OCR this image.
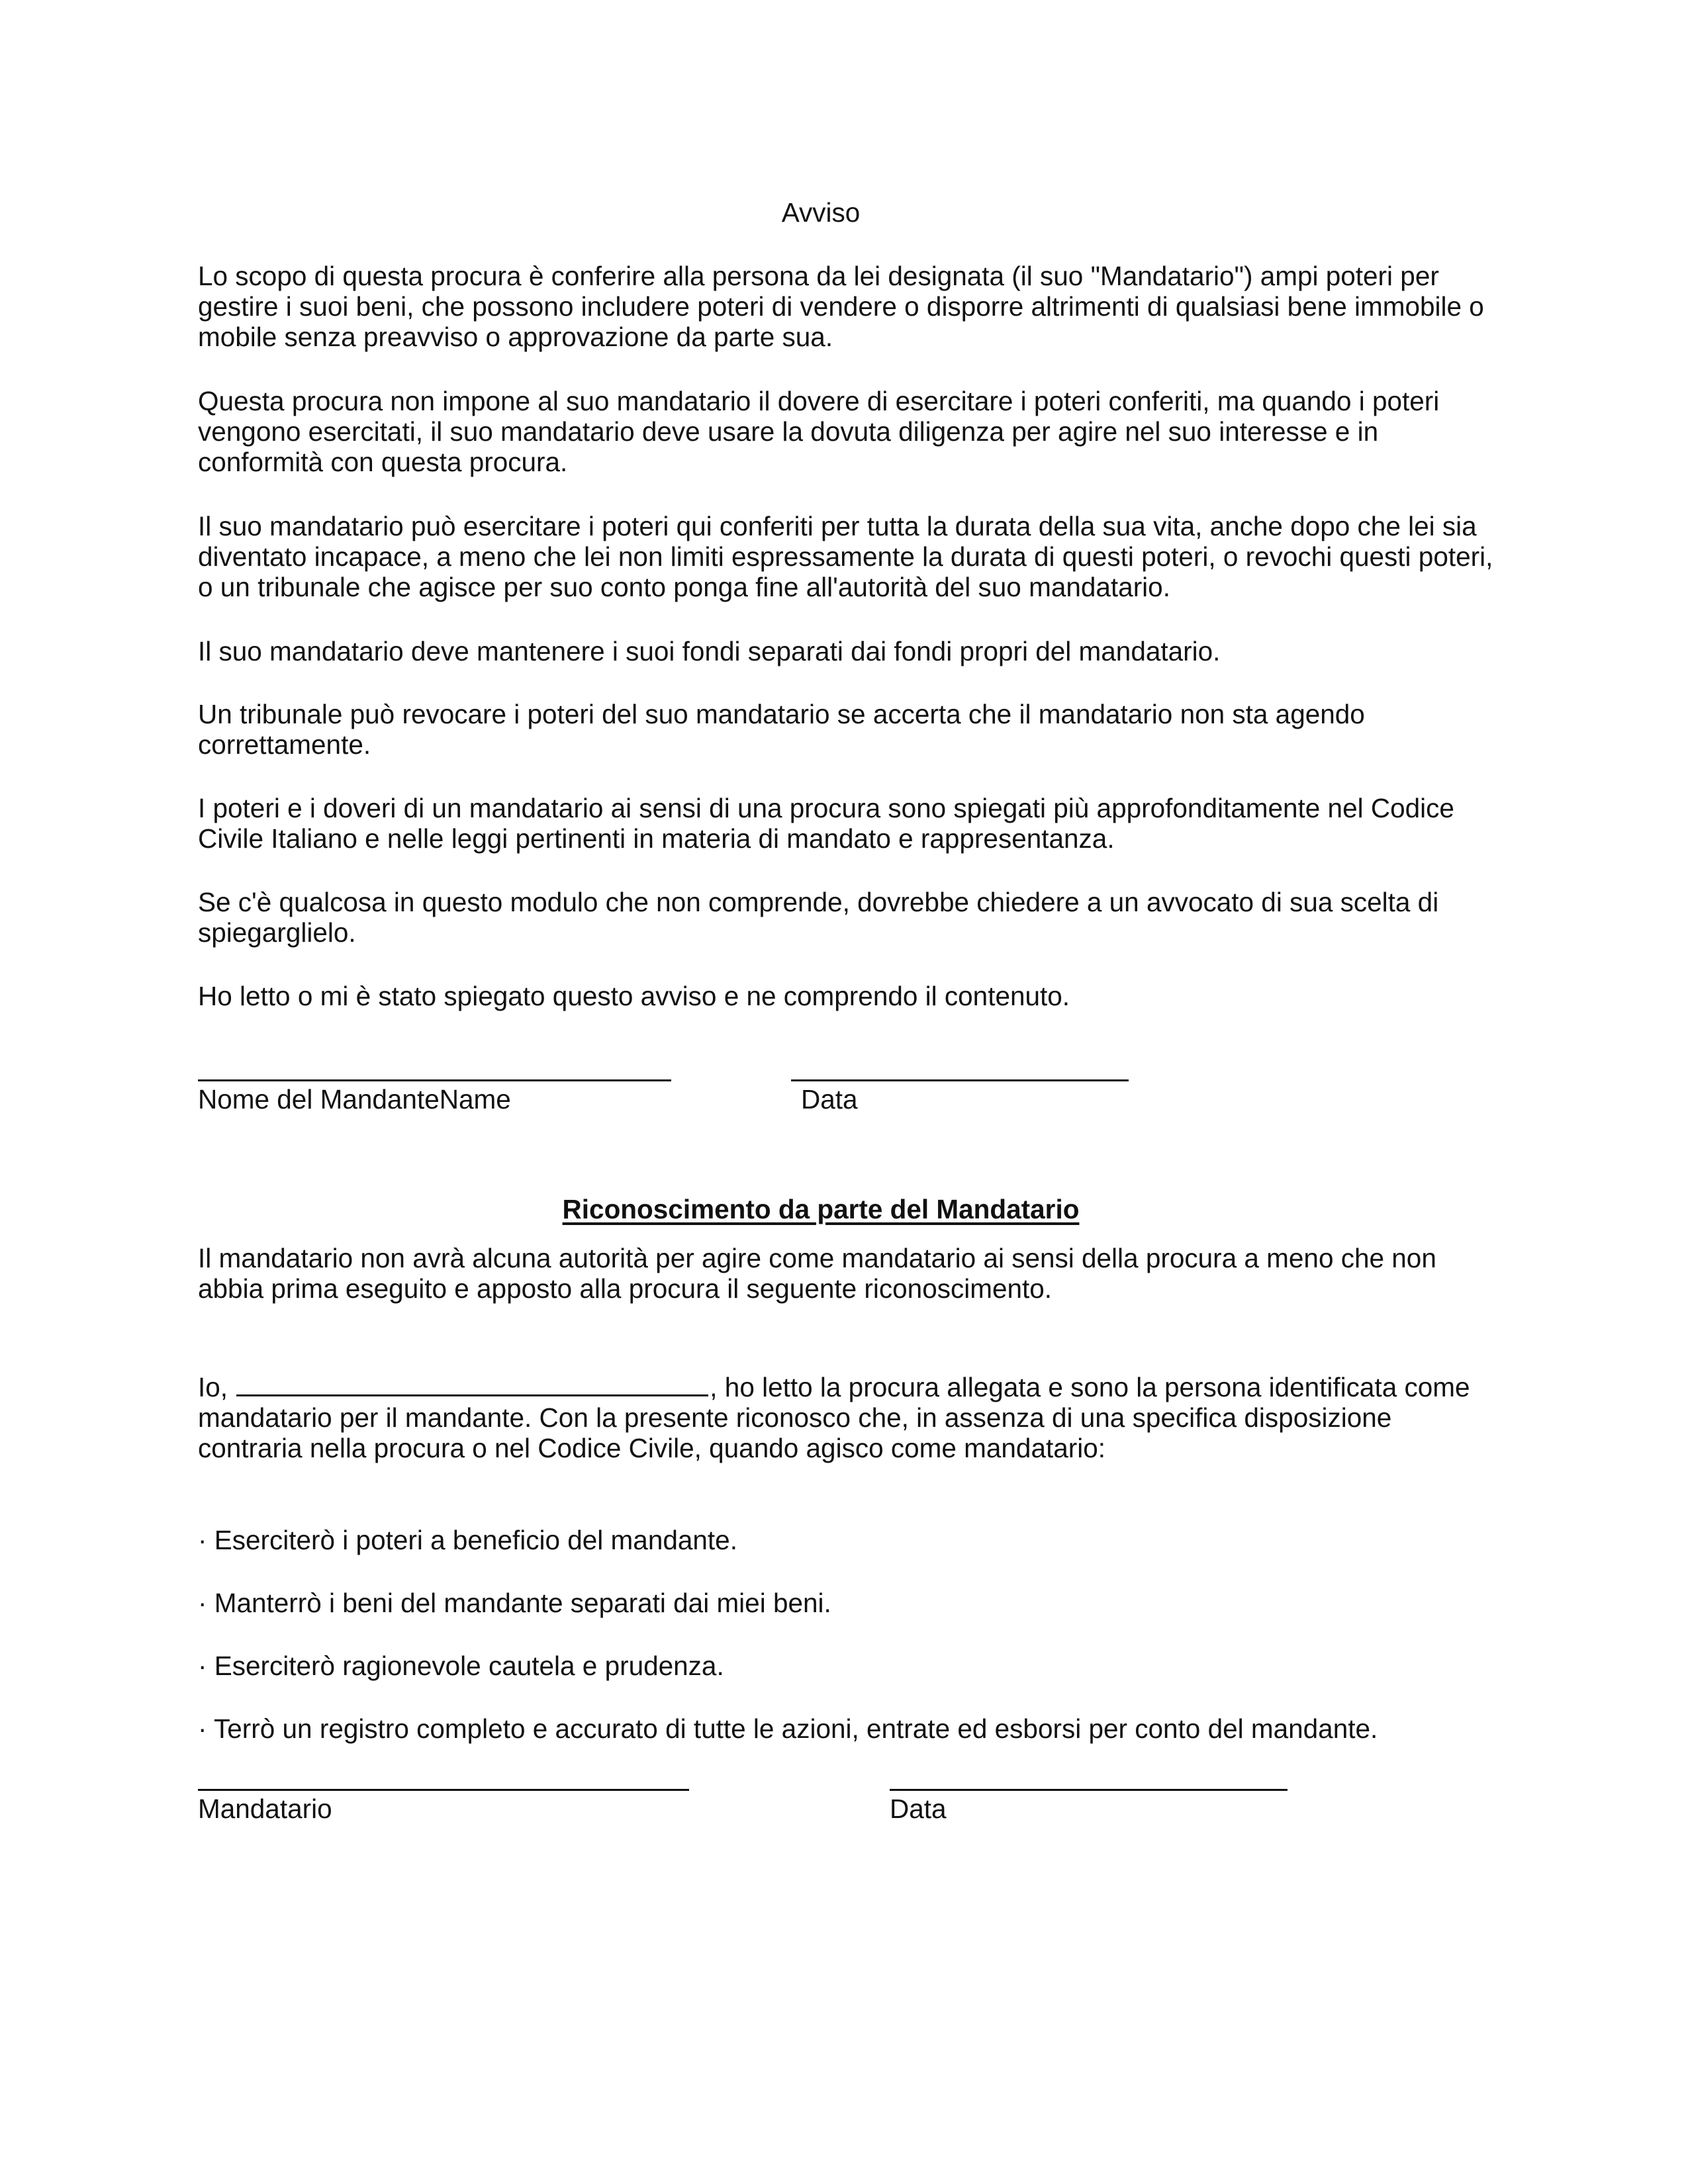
Avviso

Lo scopo di questa procura è conferire alla persona da lei designata (il suo "Mandatario") ampi poteri per gestire i suoi beni, che possono includere poteri di vendere o disporre altrimenti di qualsiasi bene immobile o mobile senza preavviso o approvazione da parte sua.

Questa procura non impone al suo mandatario il dovere di esercitare i poteri conferiti, ma quando i poteri vengono esercitati, il suo mandatario deve usare la dovuta diligenza per agire nel suo interesse e in conformità con questa procura.

Il suo mandatario può esercitare i poteri qui conferiti per tutta la durata della sua vita, anche dopo che lei sia diventato incapace, a meno che lei non limiti espressamente la durata di questi poteri, o revochi questi poteri, o un tribunale che agisce per suo conto ponga fine all'autorità del suo mandatario.

Il suo mandatario deve mantenere i suoi fondi separati dai fondi propri del mandatario.

Un tribunale può revocare i poteri del suo mandatario se accerta che il mandatario non sta agendo correttamente.

I poteri e i doveri di un mandatario ai sensi di una procura sono spiegati più approfonditamente nel Codice Civile Italiano e nelle leggi pertinenti in materia di mandato e rappresentanza.

Se c'è qualcosa in questo modulo che non comprende, dovrebbe chiedere a un avvocato di sua scelta di spiegarglielo.

Ho letto o mi è stato spiegato questo avviso e ne comprendo il contenuto.

Nome del MandanteName	Data
Riconoscimento da parte del Mandatario

Il mandatario non avrà alcuna autorità per agire come mandatario ai sensi della procura a meno che non abbia prima eseguito e apposto alla procura il seguente riconoscimento.

Io,	, ho letto la procura allegata e sono la persona identificata come mandatario per il mandante. Con la presente riconosco che, in assenza di una specifica disposizione contraria nella procura o nel Codice Civile, quando agisco come mandatario:

· Eserciterò i poteri a beneficio del mandante.
· Manterrò i beni del mandante separati dai miei beni.
· Eserciterò ragionevole cautela e prudenza.
· Terrò un registro completo e accurato di tutte le azioni, entrate ed esborsi per conto del mandante.
Mandatario	Data
